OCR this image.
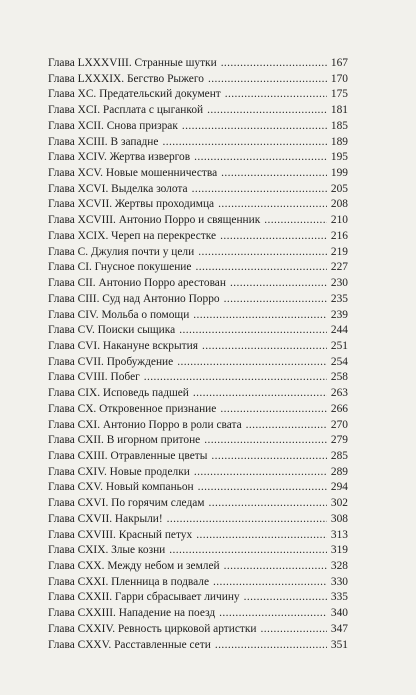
Глава LXXXVIII. Странные шутки .....	167
Глава LXXXIX. Бегство Рыжего .....	170
Глава XC. Предательский документ .....	175
Глава XCI. Расплата с цыганкой .....	181
Глава XCII. Снова призрак .....	185
Глава XCIII. В западне .....	189
Глава XCIV. Жертва извергов .....	195
Глава XCV. Новые мошенничества .....	199
Глава XCVI. Выделка золота .....	205
Глава XCVII. Жертвы проходимца .....	208
Глава XCVIII. Антонио Порро и священник .....	210
Глава XCIX. Череп на перекрестке .....	216
Глава С. Джулия почти у цели .....	219
Глава CI. Гнусное покушение .....	227
Глава CII. Антонио Порро арестован .....	230
Глава CIII. Суд над Антонио Порро .....	235
Глава CIV. Мольба о помощи .....	239
Глава CV. Поиски сыщика .....	244
Глава CVI. Накануне вскрытия .....	251
Глава CVII. Пробуждение .....	254
Глава CVIII. Побег .....	258
Глава CIX. Исповедь падшей .....	263
Глава CX. Откровенное признание .....	266
Глава CXI. Антонио Порро в роли свата .....	270
Глава CXII. В игорном притоне .....	279
Глава CXIII. Отравленные цветы .....	285
Глава CXIV. Новые проделки .....	289
Глава CXV. Новый компаньон .....	294
Глава CXVI. По горячим следам .....	302
Глава CXVII. Накрыли! .....	308
Глава CXVIII. Красный петух .....	313
Глава CXIX. Злые козни .....	319
Глава CXX. Между небом и землей .....	328
Глава CXXI. Пленница в подвале .....	330
Глава CXXII. Гарри сбрасывает личину .....	335
Глава CXXIII. Нападение на поезд .....	340
Глава CXXIV. Ревность цирковой артистки .....	347
Глава CXXV. Расставленные сети .....	351
